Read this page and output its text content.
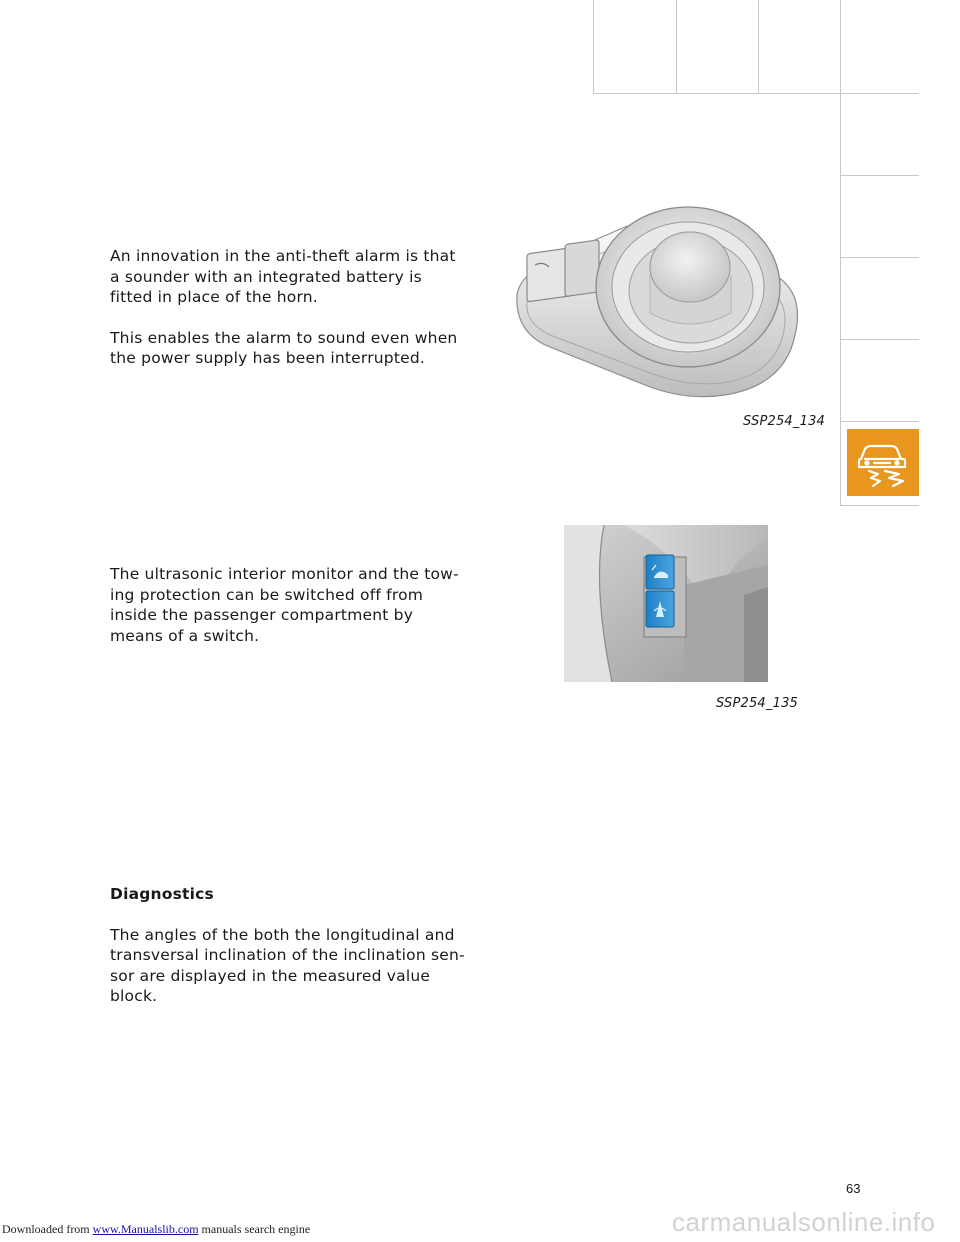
An innovation in the anti-theft alarm is that a sounder with an integrated battery is fitted in place of the horn.

This enables the alarm to sound even when the power supply has been interrupted.

SSP254_134

The ultrasonic interior monitor and the tow-ing protection can be switched off from inside the passenger compartment by means of a switch.

SSP254_135

Diagnostics

The angles of the both the longitudinal and transversal inclination of the inclination sen-sor are displayed in the measured value block.

63
Downloaded from www.Manualslib.com manuals search engine	carmanualsonline.info
